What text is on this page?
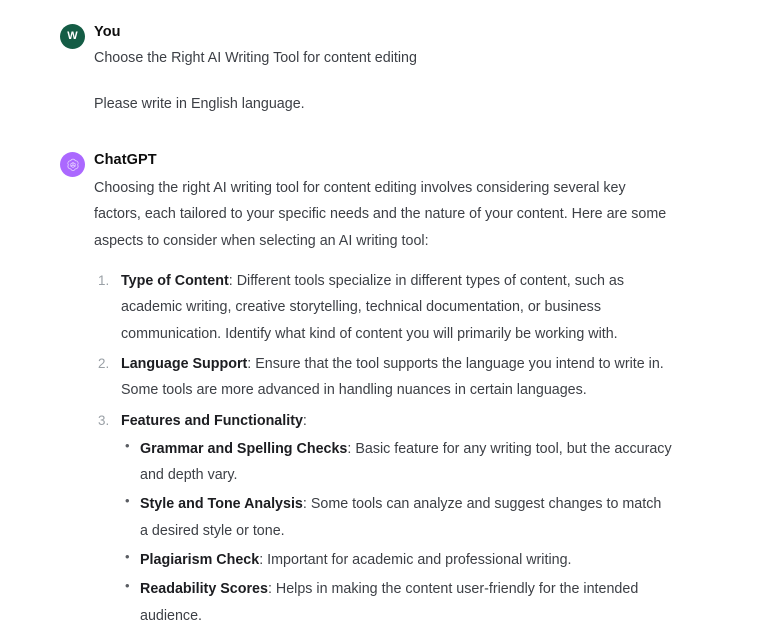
W You

Choose the Right AI Writing Tool for content editing

Please write in English language.

ChatGPT

Choosing the right AI writing tool for content editing involves considering several key factors, each tailored to your specific needs and the nature of your content. Here are some aspects to consider when selecting an AI writing tool:

Type of Content: Different tools specialize in different types of content, such as academic writing, creative storytelling, technical documentation, or business communication. Identify what kind of content you will primarily be working with.
Language Support: Ensure that the tool supports the language you intend to write in. Some tools are more advanced in handling nuances in certain languages.
Features and Functionality:
• Grammar and Spelling Checks: Basic feature for any writing tool, but the accuracy and depth vary.
• Style and Tone Analysis: Some tools can analyze and suggest changes to match a desired style or tone.
• Plagiarism Check: Important for academic and professional writing.
• Readability Scores: Helps in making the content user-friendly for the intended audience.
